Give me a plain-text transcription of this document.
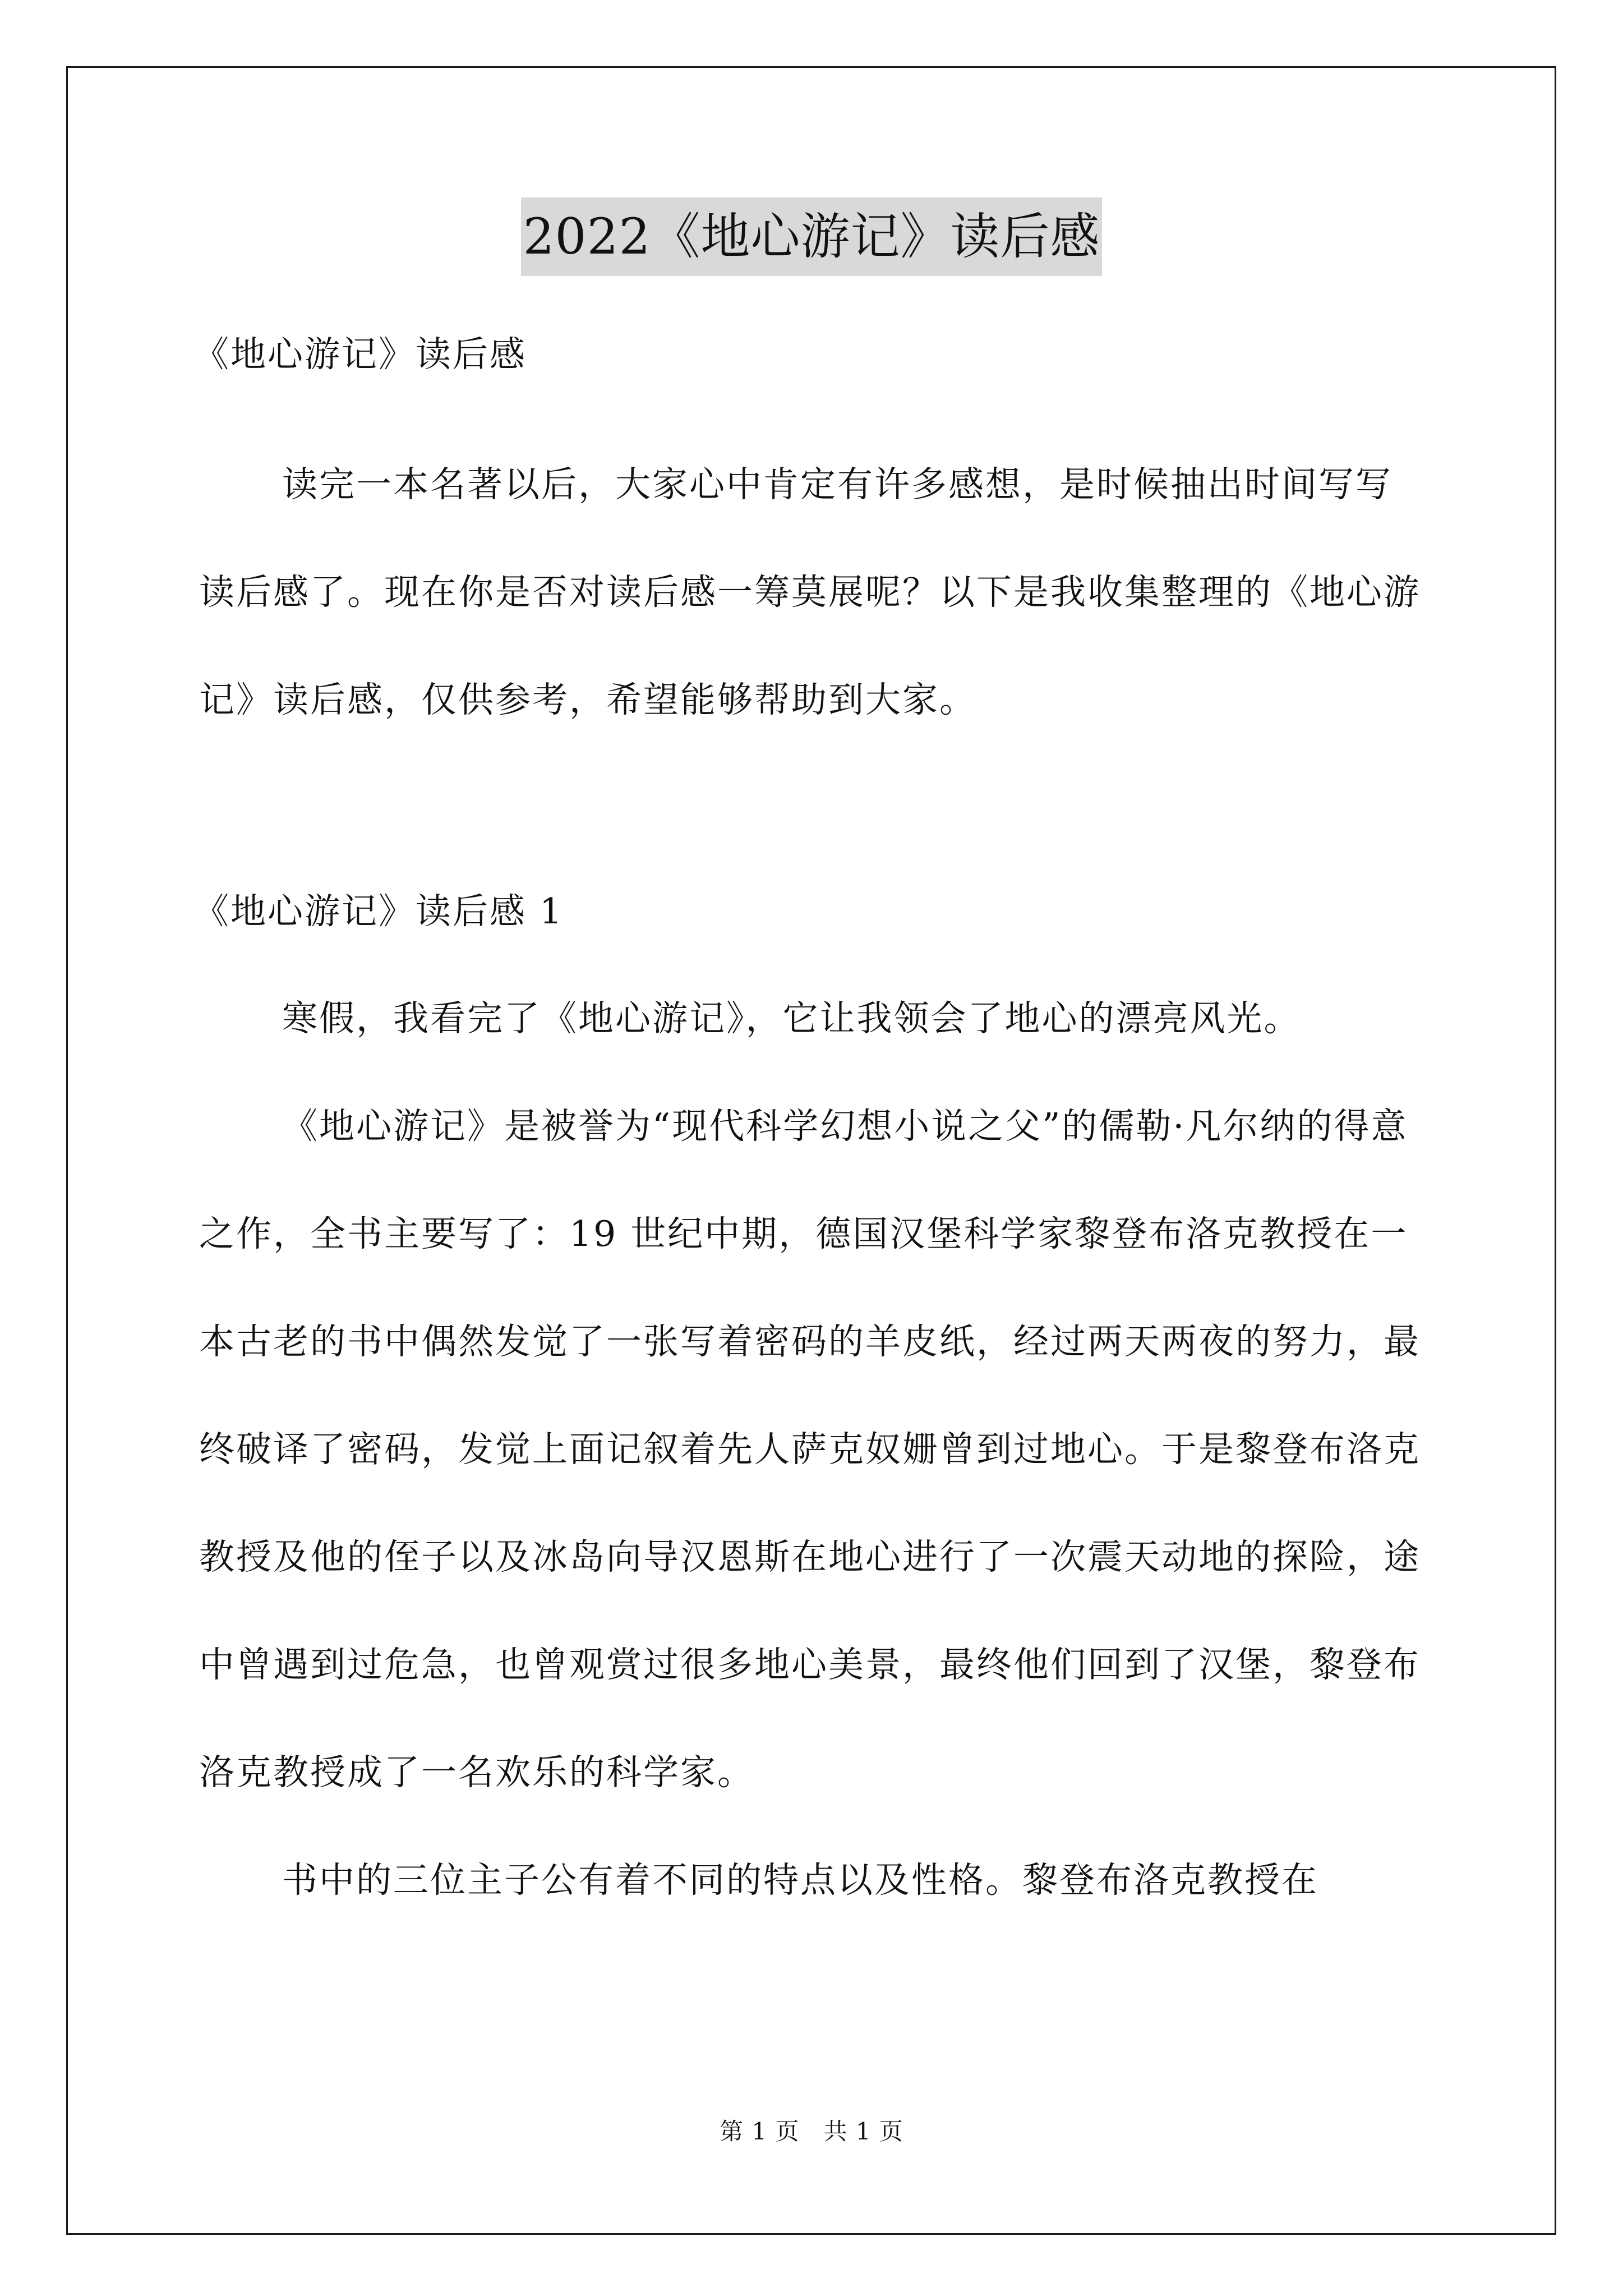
2022《地心游记》读后感
《地心游记》读后感

读完一本名著以后，大家心中肯定有许多感想，是时候抽出时间写写读后感了。现在你是否对读后感一筹莫展呢？以下是我收集整理的《地心游记》读后感，仅供参考，希望能够帮助到大家。

《地心游记》读后感 1

寒假，我看完了《地心游记》，它让我领会了地心的漂亮风光。

《地心游记》是被誉为“现代科学幻想小说之父”的儒勒·凡尔纳的得意之作，全书主要写了：19 世纪中期，德国汉堡科学家黎登布洛克教授在一本古老的书中偶然发觉了一张写着密码的羊皮纸，经过两天两夜的努力，最终破译了密码，发觉上面记叙着先人萨克奴姗曾到过地心。于是黎登布洛克教授及他的侄子以及冰岛向导汉恩斯在地心进行了一次震天动地的探险，途中曾遇到过危急，也曾观赏过很多地心美景，最终他们回到了汉堡，黎登布洛克教授成了一名欢乐的科学家。

书中的三位主子公有着不同的特点以及性格。黎登布洛克教授在

第 1 页　共 1 页
